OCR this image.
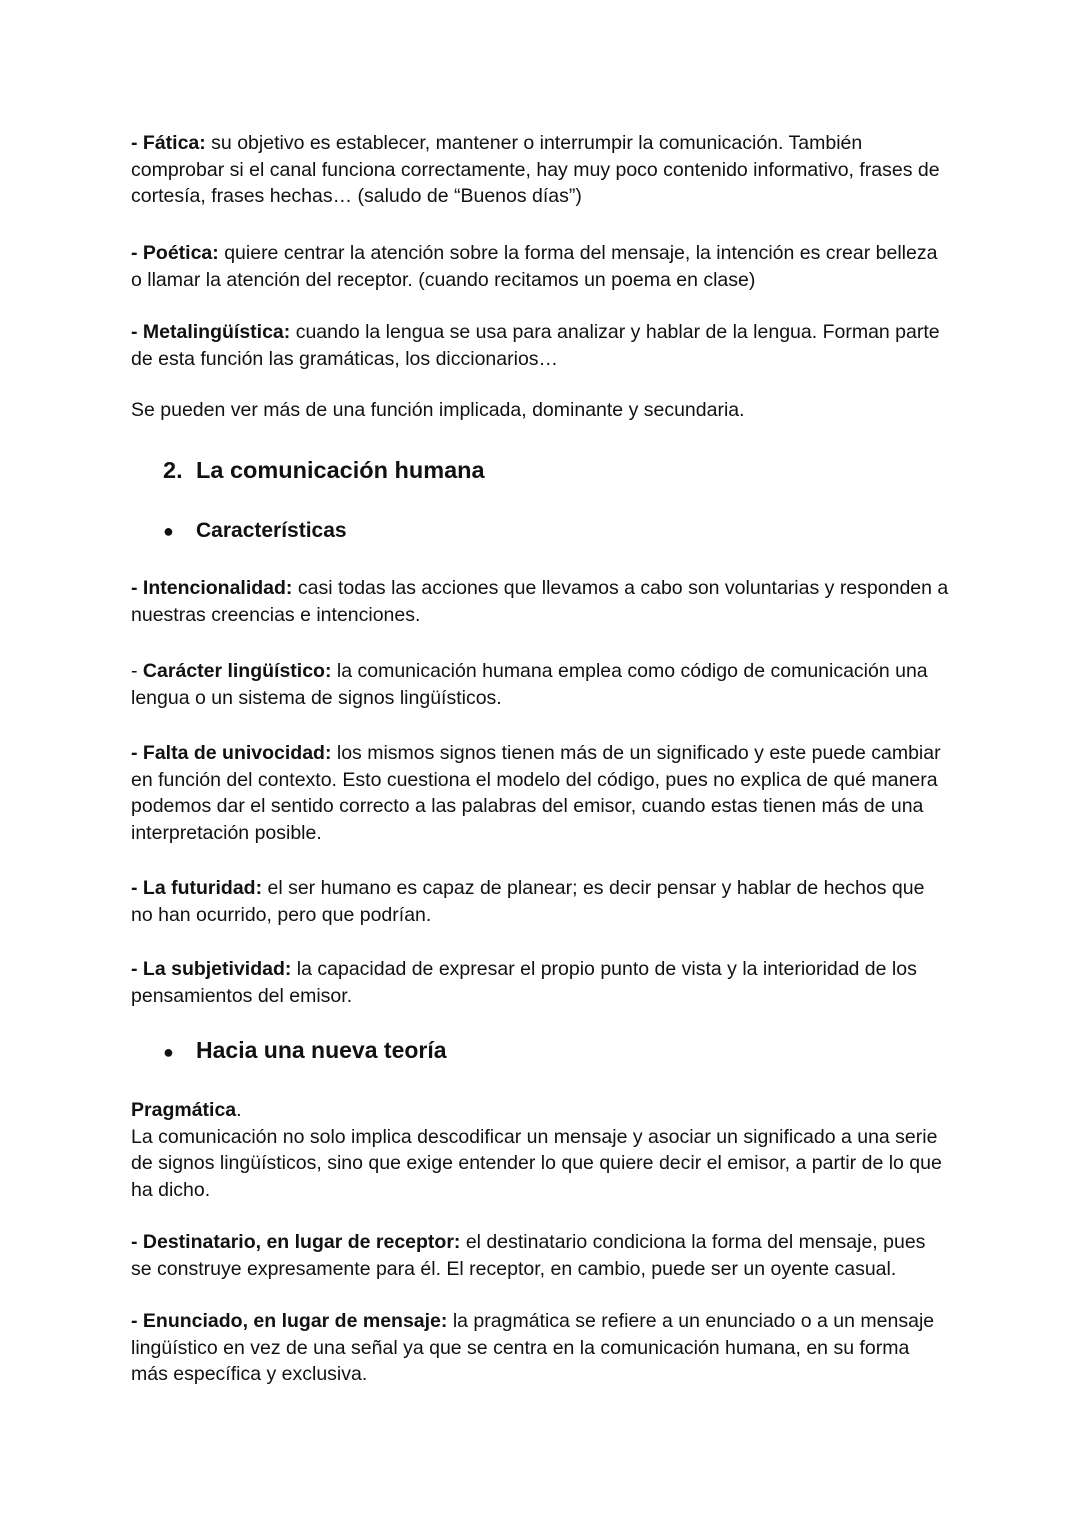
- Fática: su objetivo es establecer, mantener o interrumpir la comunicación. También comprobar si el canal funciona correctamente, hay muy poco contenido informativo, frases de cortesía, frases hechas… (saludo de “Buenos días”)

- Poética: quiere centrar la atención sobre la forma del mensaje, la intención es crear belleza o llamar la atención del receptor. (cuando recitamos un poema en clase)

- Metalingüística: cuando la lengua se usa para analizar y hablar de la lengua. Forman parte de esta función las gramáticas, los diccionarios…

Se pueden ver más de una función implicada, dominante y secundaria.

2. La comunicación humana
● Características

- Intencionalidad: casi todas las acciones que llevamos a cabo son voluntarias y responden a nuestras creencias e intenciones.

- Carácter lingüístico: la comunicación humana emplea como código de comunicación una lengua o un sistema de signos lingüísticos.

- Falta de univocidad: los mismos signos tienen más de un significado y este puede cambiar en función del contexto. Esto cuestiona el modelo del código, pues no explica de qué manera podemos dar el sentido correcto a las palabras del emisor, cuando estas tienen más de una interpretación posible.

- La futuridad: el ser humano es capaz de planear; es decir pensar y hablar de hechos que no han ocurrido, pero que podrían.

- La subjetividad: la capacidad de expresar el propio punto de vista y la interioridad de los pensamientos del emisor.

● Hacia una nueva teoría

Pragmática.
La comunicación no solo implica descodificar un mensaje y asociar un significado a una serie de signos lingüísticos, sino que exige entender lo que quiere decir el emisor, a partir de lo que ha dicho.

- Destinatario, en lugar de receptor: el destinatario condiciona la forma del mensaje, pues se construye expresamente para él. El receptor, en cambio, puede ser un oyente casual.

- Enunciado, en lugar de mensaje: la pragmática se refiere a un enunciado o a un mensaje lingüístico en vez de una señal ya que se centra en la comunicación humana, en su forma más específica y exclusiva.
